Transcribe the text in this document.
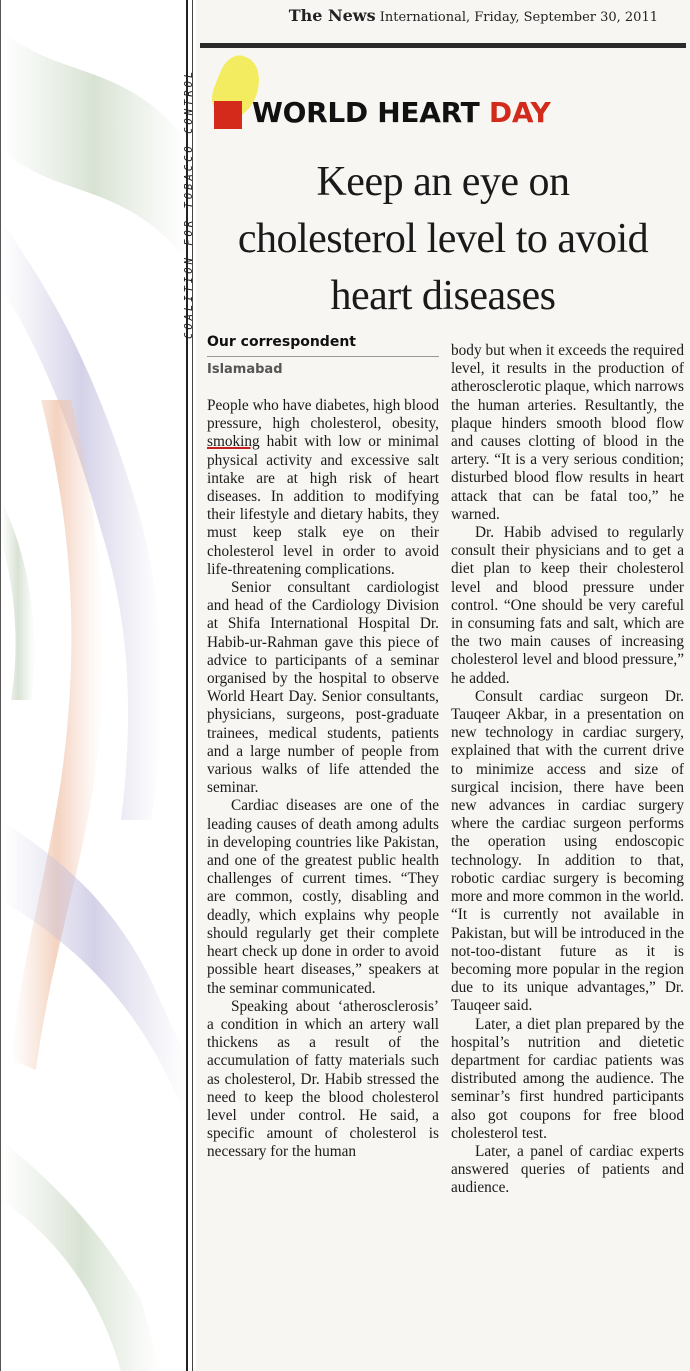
COALITION FOR TOBACCO CONTROL
The News International, Friday, September 30, 2011
WORLD HEART DAY
Keep an eye on
cholesterol level to avoid
heart diseases
Our correspondent
Islamabad

People who have diabetes, high blood pressure, high cholesterol, obesity, smoking habit with low or minimal physical activity and excessive salt intake are at high risk of heart diseases. In addition to modifying their lifestyle and dietary habits, they must keep stalk eye on their cholesterol level in order to avoid life-threatening complications.

Senior consultant cardiologist and head of the Cardiology Division at Shifa International Hospital Dr. Habib-ur-Rahman gave this piece of advice to participants of a seminar organised by the hospital to observe World Heart Day. Senior consultants, physicians, surgeons, post-graduate trainees, medical students, patients and a large number of people from various walks of life attended the seminar.

Cardiac diseases are one of the leading causes of death among adults in developing countries like Pakistan, and one of the greatest public health challenges of current times. “They are common, costly, disabling and deadly, which explains why people should regularly get their complete heart check up done in order to avoid possible heart diseases,” speakers at the seminar communicated.

Speaking about ‘atherosclerosis’ a condition in which an artery wall thickens as a result of the accumulation of fatty materials such as cholesterol, Dr. Habib stressed the need to keep the blood cholesterol level under control. He said, a specific amount of cholesterol is necessary for the human

body but when it exceeds the required level, it results in the production of atherosclerotic plaque, which narrows the human arteries. Resultantly, the plaque hinders smooth blood flow and causes clotting of blood in the artery. “It is a very serious condition; disturbed blood flow results in heart attack that can be fatal too,” he warned.

Dr. Habib advised to regularly consult their physicians and to get a diet plan to keep their cholesterol level and blood pressure under control. “One should be very careful in consuming fats and salt, which are the two main causes of increasing cholesterol level and blood pressure,” he added.

Consult cardiac surgeon Dr. Tauqeer Akbar, in a presentation on new technology in cardiac surgery, explained that with the current drive to minimize access and size of surgical incision, there have been new advances in cardiac surgery where the cardiac surgeon performs the operation using endoscopic technology. In addition to that, robotic cardiac surgery is becoming more and more common in the world. “It is currently not available in Pakistan, but will be introduced in the not-too-distant future as it is becoming more popular in the region due to its unique advantages,” Dr. Tauqeer said.

Later, a diet plan prepared by the hospital’s nutrition and dietetic department for cardiac patients was distributed among the audience. The seminar’s first hundred participants also got coupons for free blood cholesterol test.

Later, a panel of cardiac experts answered queries of patients and audience.
